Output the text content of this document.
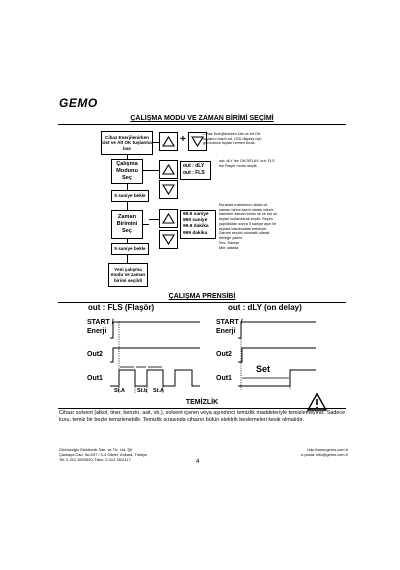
GEMO
ÇALIŞMA MODU VE ZAMAN BİRİMİ SEÇİMİ
Cihaz Enerjilenirken Üst ve Alt OK tuşlarına bas
Çalışma Modunu Seç
5 saniye bekle
Zaman Birimini Seç
5 saniye bekle
Yeni çalışma modu ve zaman birimi seçildi
+	Cihaz Enerjilenirken Üst ve Alt OK tuşlarını basılı tut, LED display üçü görününce tuşları hemen bırak.
out : dLY
out : FLS
out: dLY ise ON DELAY, out: FLS ise Flaşör modu seçilir.
99.9 saniye
999 saniye
99.9 dakika
999 dakika
Ekranda maksimum skala ve zaman birimi basılı olarak izlenir. İstenilen zaman birimi ok ve üst ok tuşları kullanılarak seçilir. Seçim yapıldıktan sonra 5 saniye aynı ile tuşlara basılmadan bekleyin. Zaman seçimi otomatik olarak belleğe yazılır.
Sec: Saniye
Min: dakika
ÇALIŞMA PRENSİBİ
out : FLS (Flaşör)	out : dLY (on delay)
START /
Enerji
Out2
Out1
St.A St.b St.A
START /
Enerji
Out2
Out1
Set
TEMİZLİK
Cihazı solvent (alkol, tiner, benzin, asit, vb.), solvent içeren veya aşındırıcı temizlik maddeleriyle temizlemeyiniz. Sadece kuru, temiz bir bezle temizlenebilir. Temizlik sırasında cihazın bütün elektrik beslemeleri kesik olmalıdır.
Gürbüzoğlu Elektronik San. ve Tic. Ltd. Şti.
Çankaya Cad. No:297 / 3-4 Siteler, Ankara, Türkiye
Tel: 0-312-3503000, Faks: 0-312-3511117
http://www.gemo.com.tr
e-posta: info@gemo.com.tr
4
